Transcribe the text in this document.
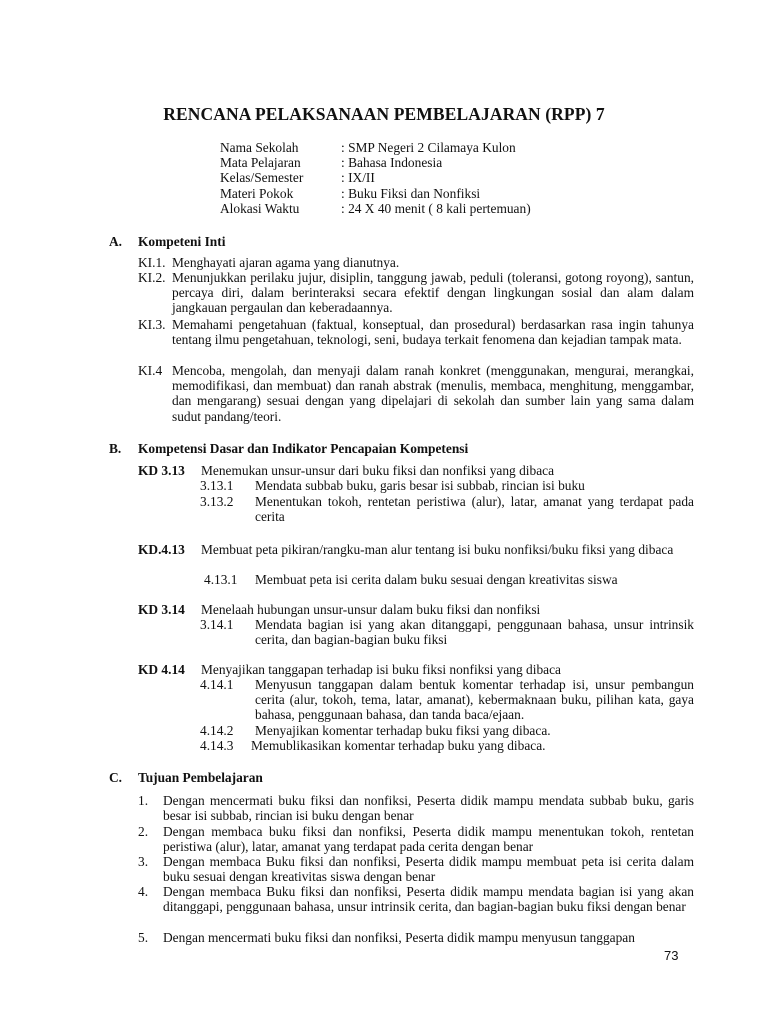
RENCANA PELAKSANAAN PEMBELAJARAN (RPP) 7
Nama Sekolah	: SMP Negeri 2 Cilamaya Kulon
Mata Pelajaran	: Bahasa Indonesia
Kelas/Semester	: IX/II
Materi Pokok	: Buku Fiksi dan Nonfiksi
Alokasi Waktu	: 24 X 40 menit ( 8 kali pertemuan)
A. Kompeteni Inti
KI.1. Menghayati ajaran agama yang dianutnya.
KI.2. Menunjukkan perilaku jujur, disiplin, tanggung jawab, peduli (toleransi, gotong royong), santun, percaya diri, dalam berinteraksi secara efektif dengan lingkungan sosial dan alam dalam jangkauan pergaulan dan keberadaannya.
KI.3. Memahami pengetahuan (faktual, konseptual, dan prosedural) berdasarkan rasa ingin tahunya tentang ilmu pengetahuan, teknologi, seni, budaya terkait fenomena dan kejadian tampak mata.
KI.4 Mencoba, mengolah, dan menyaji dalam ranah konkret (menggunakan, mengurai, merangkai, memodifikasi, dan membuat) dan ranah abstrak (menulis, membaca, menghitung, menggambar, dan mengarang) sesuai dengan yang dipelajari di sekolah dan sumber lain yang sama dalam sudut pandang/teori.
B. Kompetensi Dasar dan Indikator Pencapaian Kompetensi
KD 3.13 Menemukan unsur-unsur dari buku fiksi dan nonfiksi yang dibaca
3.13.1 Mendata subbab buku, garis besar isi subbab, rincian isi buku
3.13.2 Menentukan tokoh, rentetan peristiwa (alur), latar, amanat yang terdapat pada cerita
KD.4.13 Membuat peta pikiran/rangku-man alur tentang isi buku nonfiksi/buku fiksi yang dibaca
4.13.1 Membuat peta isi cerita dalam buku sesuai dengan kreativitas siswa
KD 3.14 Menelaah hubungan unsur-unsur dalam buku fiksi dan nonfiksi
3.14.1 Mendata bagian isi yang akan ditanggapi, penggunaan bahasa, unsur intrinsik cerita, dan bagian-bagian buku fiksi
KD 4.14 Menyajikan tanggapan terhadap isi buku fiksi nonfiksi yang dibaca
4.14.1 Menyusun tanggapan dalam bentuk komentar terhadap isi, unsur pembangun cerita (alur, tokoh, tema, latar, amanat), kebermaknaan buku, pilihan kata, gaya bahasa, penggunaan bahasa, dan tanda baca/ejaan.
4.14.2 Menyajikan komentar terhadap buku fiksi yang dibaca.
4.14.3 Memublikasikan komentar terhadap buku yang dibaca.
C. Tujuan Pembelajaran
1. Dengan mencermati buku fiksi dan nonfiksi, Peserta didik mampu mendata subbab buku, garis besar isi subbab, rincian isi buku dengan benar
2. Dengan membaca buku fiksi dan nonfiksi, Peserta didik mampu menentukan tokoh, rentetan peristiwa (alur), latar, amanat yang terdapat pada cerita dengan benar
3. Dengan membaca Buku fiksi dan nonfiksi, Peserta didik mampu membuat peta isi cerita dalam buku sesuai dengan kreativitas siswa dengan benar
4. Dengan membaca Buku fiksi dan nonfiksi, Peserta didik mampu mendata bagian isi yang akan ditanggapi, penggunaan bahasa, unsur intrinsik cerita, dan bagian-bagian buku fiksi dengan benar
5. Dengan mencermati buku fiksi dan nonfiksi, Peserta didik mampu menyusun tanggapan
73
